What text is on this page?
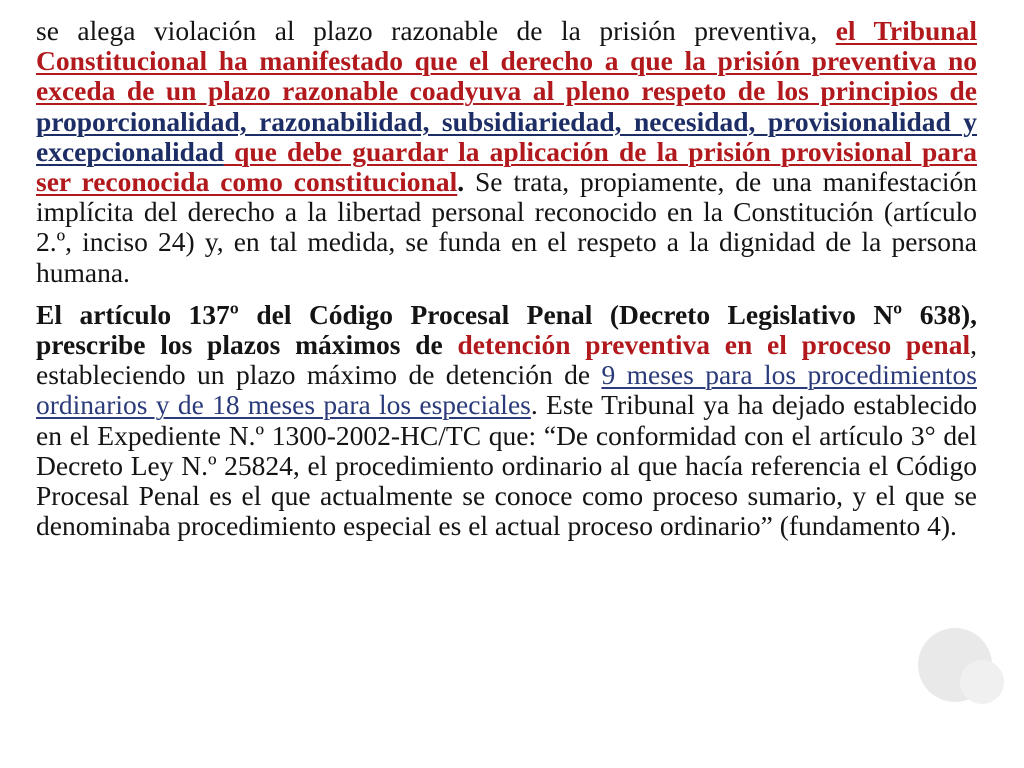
se alega violación al plazo razonable de la prisión preventiva, el Tribunal Constitucional ha manifestado que el derecho a que la prisión preventiva no exceda de un plazo razonable coadyuva al pleno respeto de los principios de proporcionalidad, razonabilidad, subsidiariedad, necesidad, provisionalidad y excepcionalidad que debe guardar la aplicación de la prisión provisional para ser reconocida como constitucional. Se trata, propiamente, de una manifestación implícita del derecho a la libertad personal reconocido en la Constitución (artículo 2.º, inciso 24) y, en tal medida, se funda en el respeto a la dignidad de la persona humana.

El artículo 137º del Código Procesal Penal (Decreto Legislativo Nº 638), prescribe los plazos máximos de detención preventiva en el proceso penal, estableciendo un plazo máximo de detención de 9 meses para los procedimientos ordinarios y de 18 meses para los especiales. Este Tribunal ya ha dejado establecido en el Expediente N.º 1300-2002-HC/TC que: “De conformidad con el artículo 3° del Decreto Ley N.º 25824, el procedimiento ordinario al que hacía referencia el Código Procesal Penal es el que actualmente se conoce como proceso sumario, y el que se denominaba procedimiento especial es el actual proceso ordinario” (fundamento 4).
